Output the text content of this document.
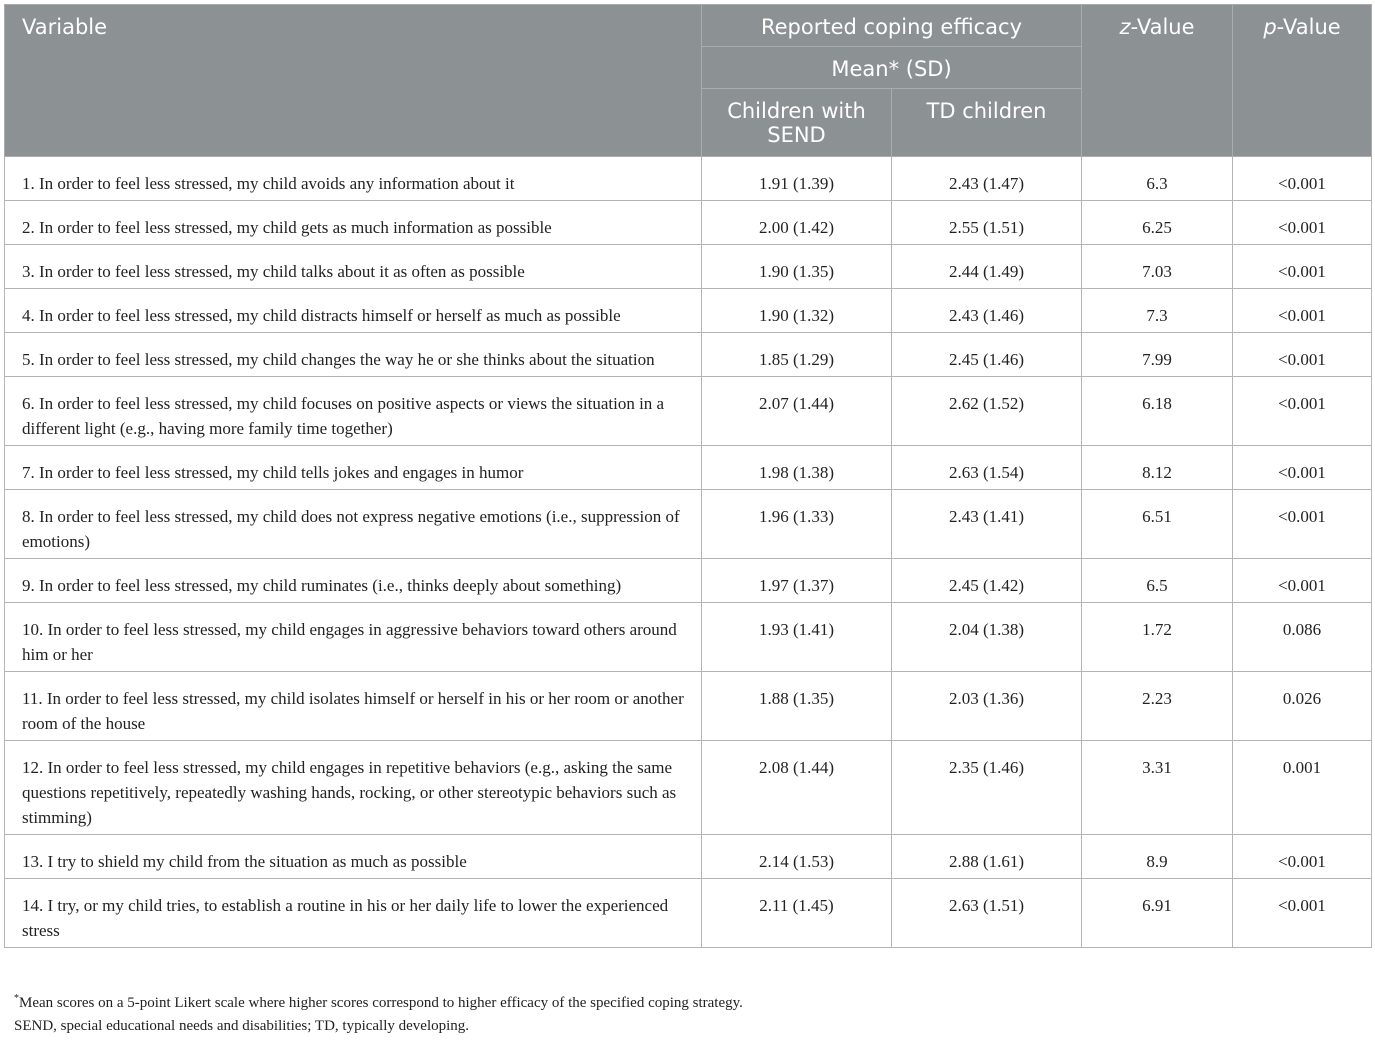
Variable	Reported coping efficacy		z-Value	p-Value
	Mean* (SD)			
	Children with SEND	TD children		
1. In order to feel less stressed, my child avoids any information about it	1.91 (1.39)	2.43 (1.47)	6.3	<0.001
2. In order to feel less stressed, my child gets as much information as possible	2.00 (1.42)	2.55 (1.51)	6.25	<0.001
3. In order to feel less stressed, my child talks about it as often as possible	1.90 (1.35)	2.44 (1.49)	7.03	<0.001
4. In order to feel less stressed, my child distracts himself or herself as much as possible	1.90 (1.32)	2.43 (1.46)	7.3	<0.001
5. In order to feel less stressed, my child changes the way he or she thinks about the situation	1.85 (1.29)	2.45 (1.46)	7.99	<0.001
6. In order to feel less stressed, my child focuses on positive aspects or views the situation in a different light (e.g., having more family time together)	2.07 (1.44)	2.62 (1.52)	6.18	<0.001
7. In order to feel less stressed, my child tells jokes and engages in humor	1.98 (1.38)	2.63 (1.54)	8.12	<0.001
8. In order to feel less stressed, my child does not express negative emotions (i.e., suppression of emotions)	1.96 (1.33)	2.43 (1.41)	6.51	<0.001
9. In order to feel less stressed, my child ruminates (i.e., thinks deeply about something)	1.97 (1.37)	2.45 (1.42)	6.5	<0.001
10. In order to feel less stressed, my child engages in aggressive behaviors toward others around him or her	1.93 (1.41)	2.04 (1.38)	1.72	0.086
11. In order to feel less stressed, my child isolates himself or herself in his or her room or another room of the house	1.88 (1.35)	2.03 (1.36)	2.23	0.026
12. In order to feel less stressed, my child engages in repetitive behaviors (e.g., asking the same questions repetitively, repeatedly washing hands, rocking, or other stereotypic behaviors such as stimming)	2.08 (1.44)	2.35 (1.46)	3.31	0.001
13. I try to shield my child from the situation as much as possible	2.14 (1.53)	2.88 (1.61)	8.9	<0.001
14. I try, or my child tries, to establish a routine in his or her daily life to lower the experienced stress	2.11 (1.45)	2.63 (1.51)	6.91	<0.001
*Mean scores on a 5-point Likert scale where higher scores correspond to higher efficacy of the specified coping strategy.
SEND, special educational needs and disabilities; TD, typically developing.
